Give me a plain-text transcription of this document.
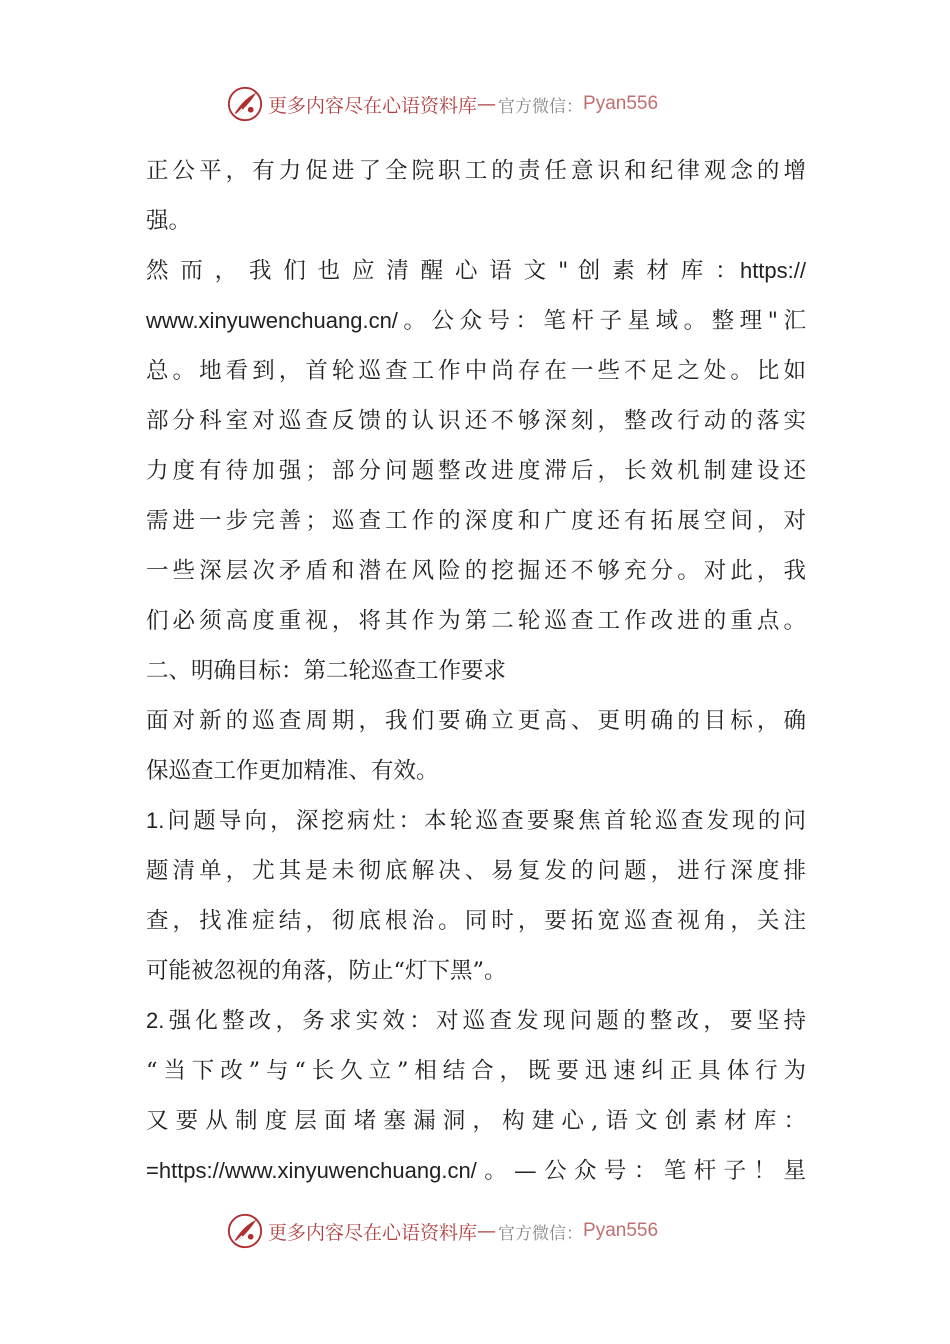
更多内容尽在心语资料库 — 官方微信： Pyan556
正公平，有力促进了全院职工的责任意识和纪律观念的增
强。
然 而 ， 我 们 也 应 清 醒 心 语 文 " 创 素 材 库 ：https://
www.xinyuwenchuang.cn/。公众号：笔杆子星域。整理"汇
总。地看到，首轮巡查工作中尚存在一些不足之处。比如
部分科室对巡查反馈的认识还不够深刻，整改行动的落实
力度有待加强；部分问题整改进度滞后，长效机制建设还
需进一步完善；巡查工作的深度和广度还有拓展空间，对
一些深层次矛盾和潜在风险的挖掘还不够充分。对此，我
们必须高度重视，将其作为第二轮巡查工作改进的重点。
二、明确目标：第二轮巡查工作要求
面对新的巡查周期，我们要确立更高、更明确的目标，确
保巡查工作更加精准、有效。
1.问题导向，深挖病灶：本轮巡查要聚焦首轮巡查发现的问
题清单，尤其是未彻底解决、易复发的问题，进行深度排
查，找准症结，彻底根治。同时，要拓宽巡查视角，关注
可能被忽视的角落，防止“灯下黑”。
2.强化整改，务求实效：对巡查发现问题的整改，要坚持
“当下改”与“长久立”相结合，既要迅速纠正具体行为
又要从制度层面堵塞漏洞，构建心,语文创素材库：
=https://www.xinyuwenchuang.cn/。—公众号：笔杆子！星
更多内容尽在心语资料库 — 官方微信： Pyan556
